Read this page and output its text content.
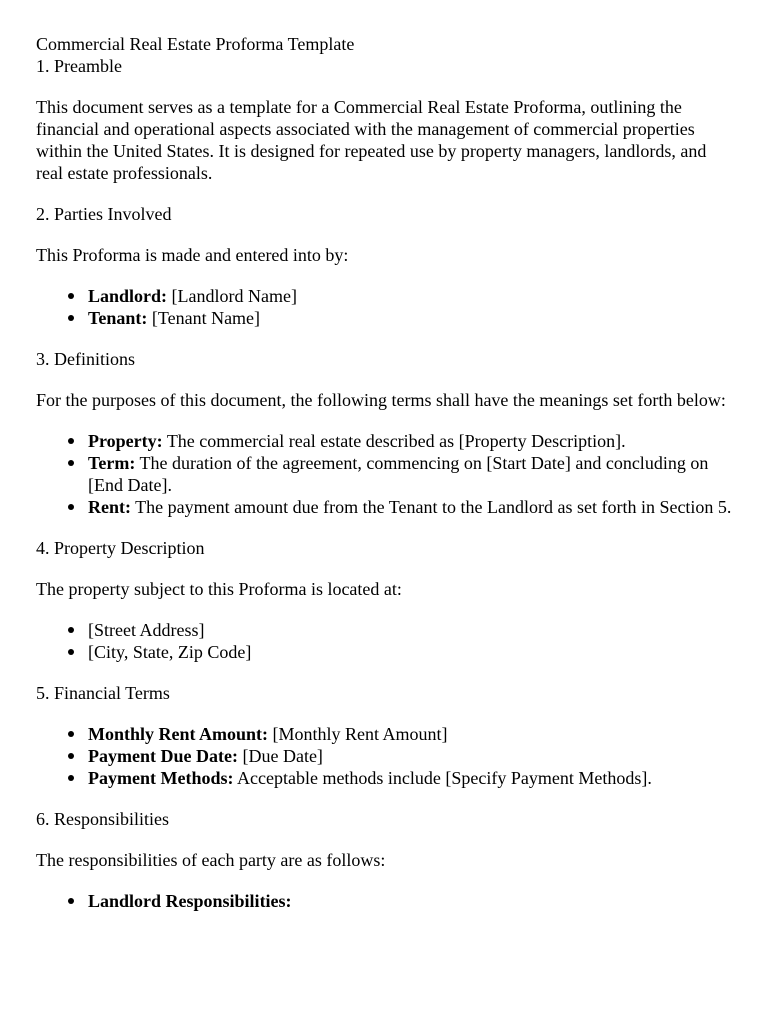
Commercial Real Estate Proforma Template

1. Preamble

This document serves as a template for a Commercial Real Estate Proforma, outlining the financial and operational aspects associated with the management of commercial properties within the United States. It is designed for repeated use by property managers, landlords, and real estate professionals.

2. Parties Involved

This Proforma is made and entered into by:

Landlord: [Landlord Name]
Tenant: [Tenant Name]

3. Definitions

For the purposes of this document, the following terms shall have the meanings set forth below:

Property: The commercial real estate described as [Property Description].
Term: The duration of the agreement, commencing on [Start Date] and concluding on [End Date].
Rent: The payment amount due from the Tenant to the Landlord as set forth in Section 5.

4. Property Description

The property subject to this Proforma is located at:

[Street Address]
[City, State, Zip Code]

5. Financial Terms

Monthly Rent Amount: [Monthly Rent Amount]
Payment Due Date: [Due Date]
Payment Methods: Acceptable methods include [Specify Payment Methods].

6. Responsibilities

The responsibilities of each party are as follows:

Landlord Responsibilities:
